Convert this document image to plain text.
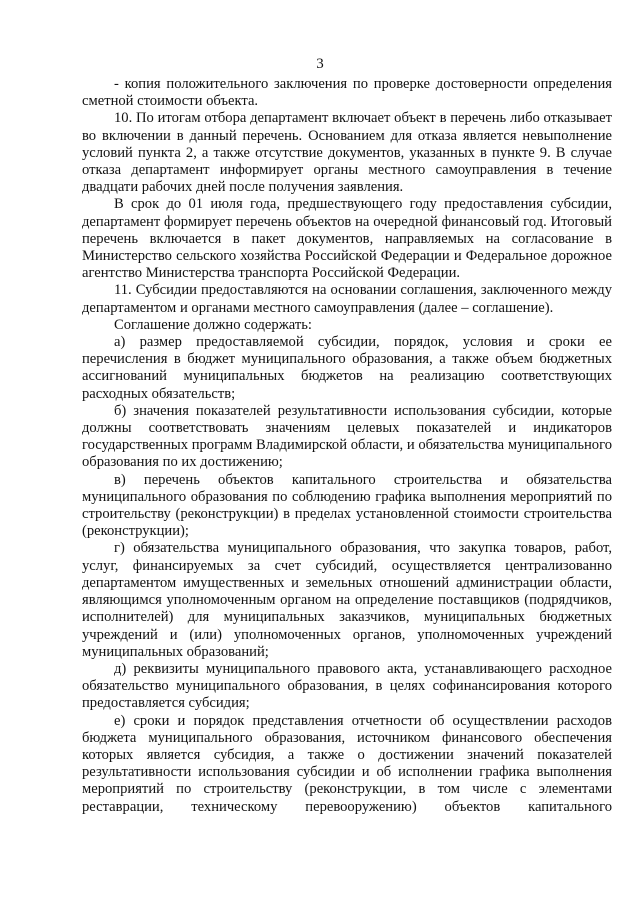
3

- копия положительного заключения по проверке достоверности определения сметной стоимости объекта.

10. По итогам отбора департамент включает объект в перечень либо отказывает во включении в данный перечень. Основанием для отказа является невыполнение условий пункта 2, а также отсутствие документов, указанных в пункте 9. В случае отказа департамент информирует органы местного самоуправления в течение двадцати рабочих дней после получения заявления.

В срок до 01 июля года, предшествующего году предоставления субсидии, департамент формирует перечень объектов на очередной финансовый год. Итоговый перечень включается в пакет документов, направляемых на согласование в Министерство сельского хозяйства Российской Федерации и Федеральное дорожное агентство Министерства транспорта Российской Федерации.

11. Субсидии предоставляются на основании соглашения, заключенного между департаментом и органами местного самоуправления (далее – соглашение).

Соглашение должно содержать:

а) размер предоставляемой субсидии, порядок, условия и сроки ее перечисления в бюджет муниципального образования, а также объем бюджетных ассигнований муниципальных бюджетов на реализацию соответствующих расходных обязательств;

б) значения показателей результативности использования субсидии, которые должны соответствовать значениям целевых показателей и индикаторов государственных программ Владимирской области, и обязательства муниципального образования по их достижению;

в) перечень объектов капитального строительства и обязательства муниципального образования по соблюдению графика выполнения мероприятий по строительству (реконструкции) в пределах установленной стоимости строительства (реконструкции);

г) обязательства муниципального образования, что закупка товаров, работ, услуг, финансируемых за счет субсидий, осуществляется централизованно департаментом имущественных и земельных отношений администрации области, являющимся уполномоченным органом на определение поставщиков (подрядчиков, исполнителей) для муниципальных заказчиков, муниципальных бюджетных учреждений и (или) уполномоченных органов, уполномоченных учреждений муниципальных образований;

д) реквизиты муниципального правового акта, устанавливающего расходное обязательство муниципального образования, в целях софинансирования которого предоставляется субсидия;

е) сроки и порядок представления отчетности об осуществлении расходов бюджета муниципального образования, источником финансового обеспечения которых является субсидия, а также о достижении значений показателей результативности использования субсидии и об исполнении графика выполнения мероприятий по строительству (реконструкции, в том числе с элементами реставрации, техническому перевооружению) объектов капитального
